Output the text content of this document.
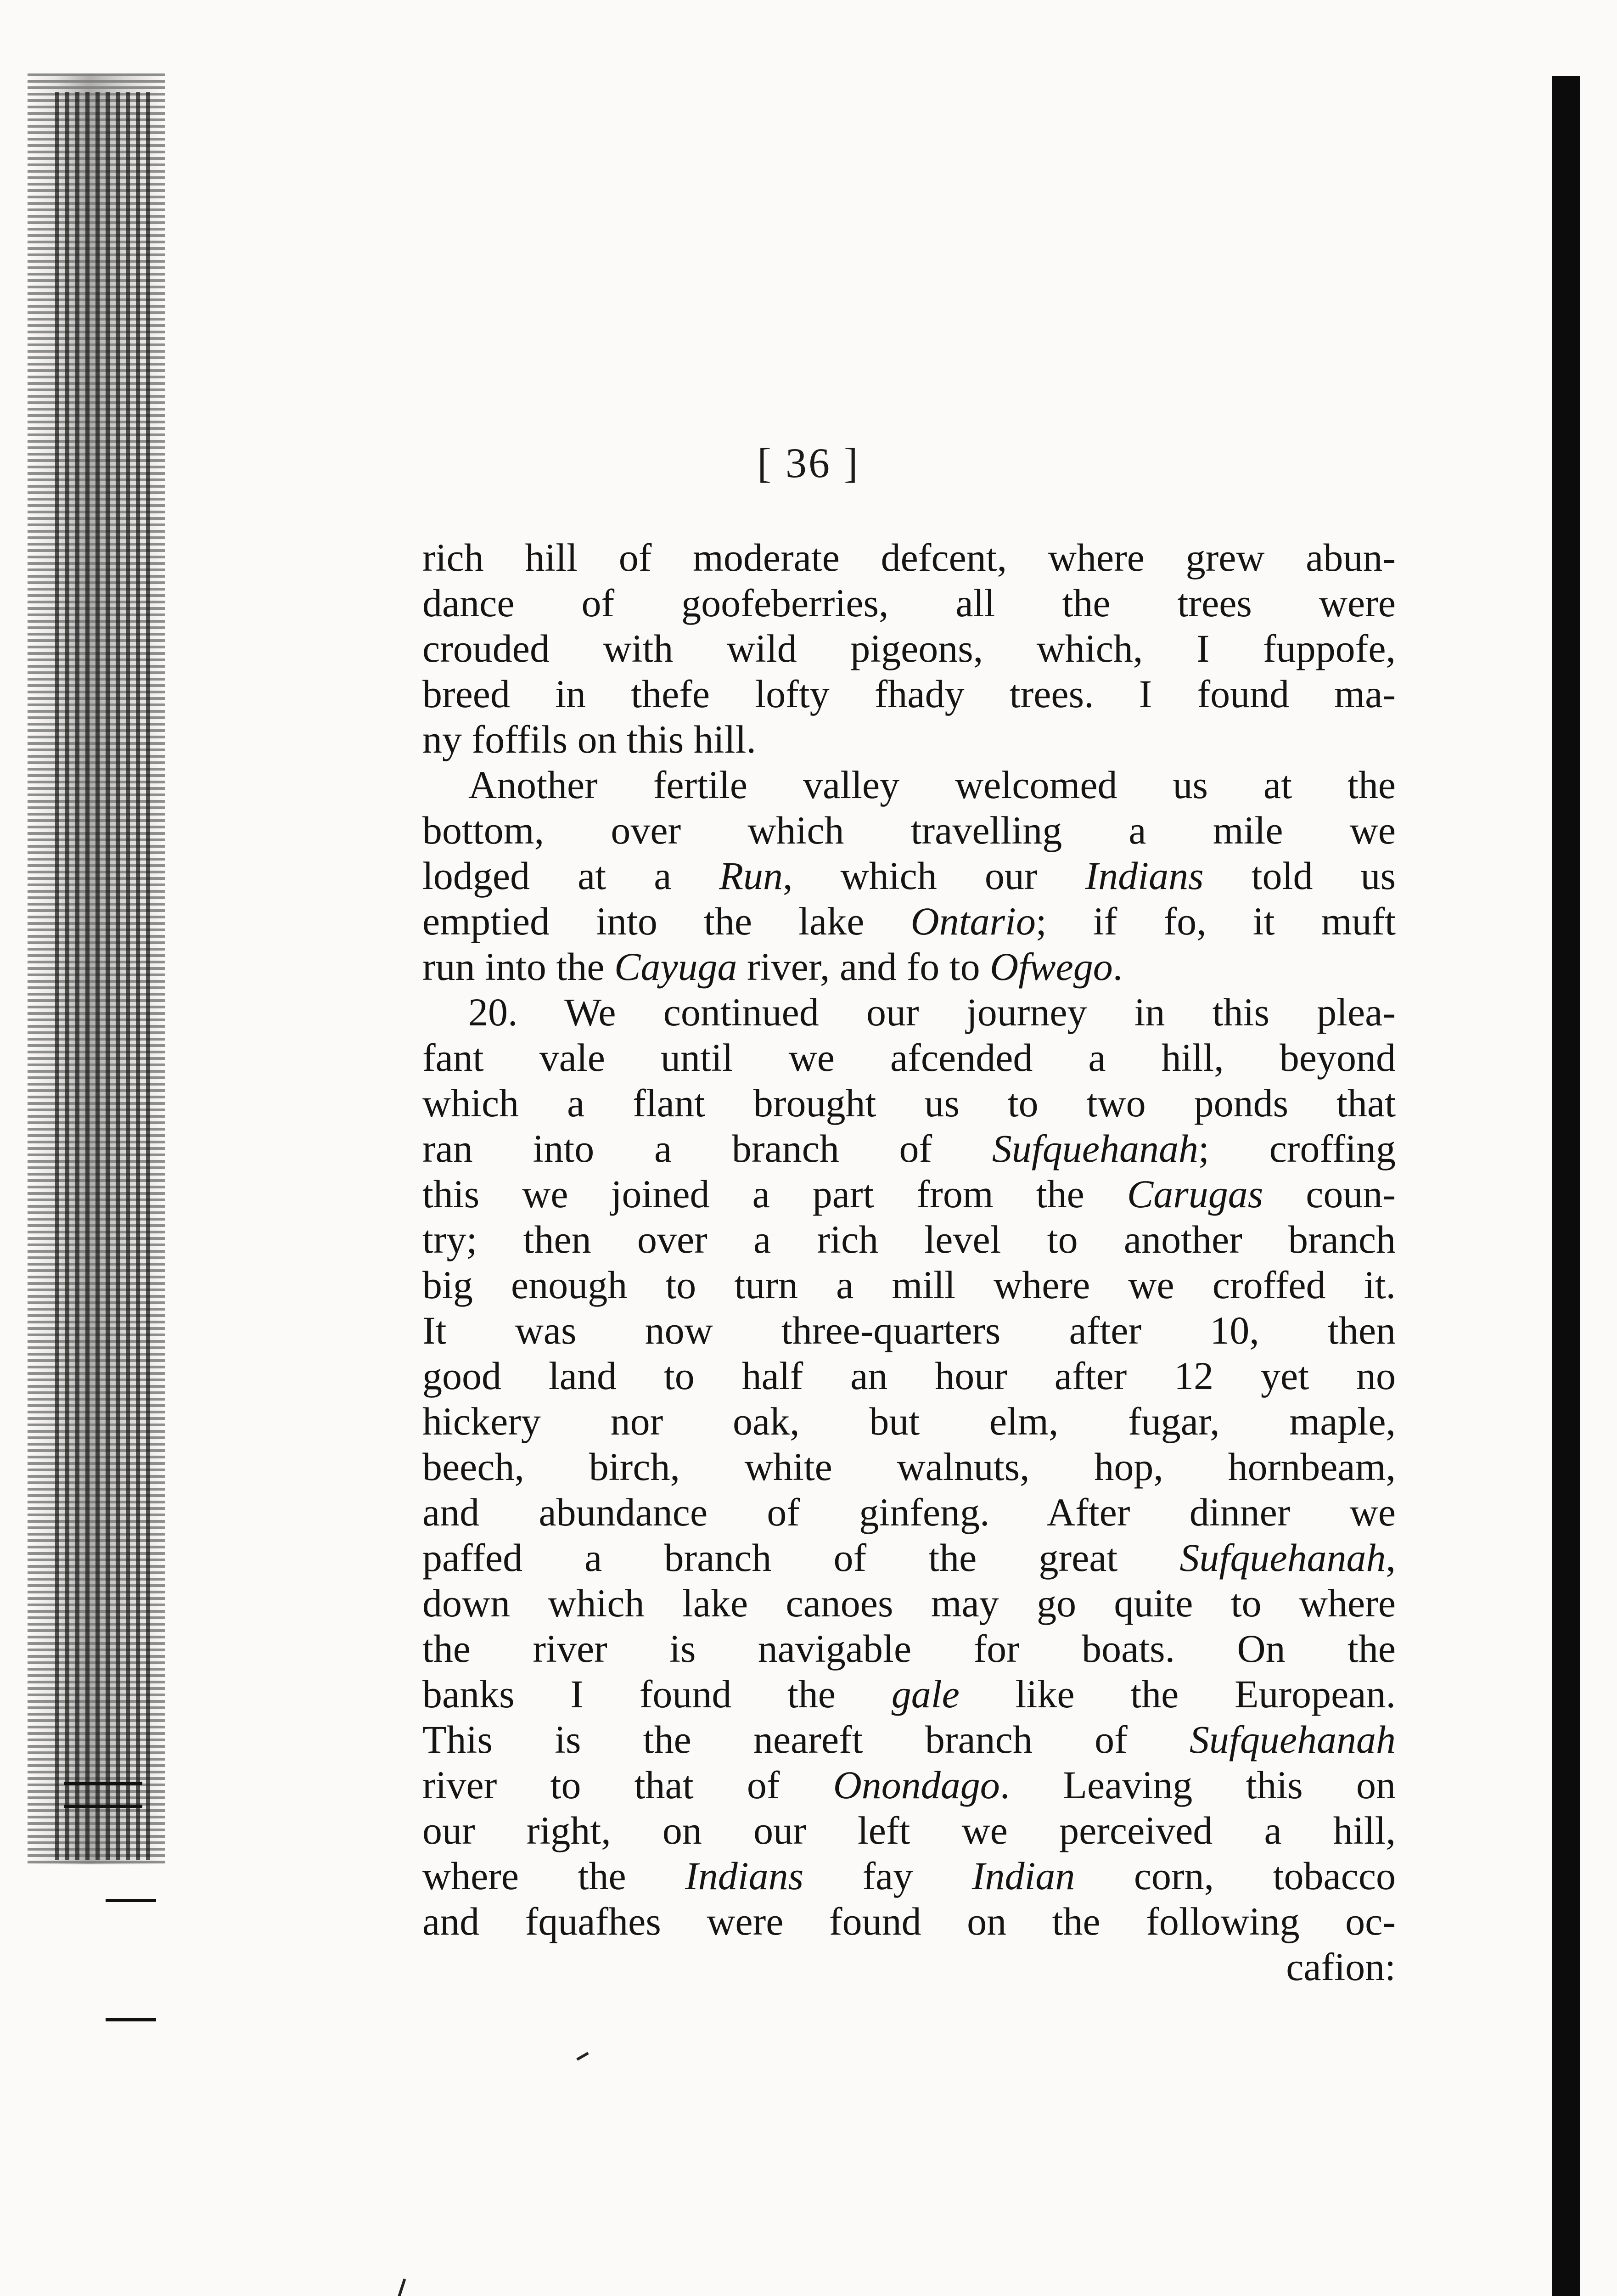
[ 36 ]
rich hill of moderate defcent, where grew abun-
dance of goofeberries, all the trees were
crouded with wild pigeons, which, I fuppofe,
breed in thefe lofty fhady trees. I found ma-
ny foffils on this hill.
Another fertile valley welcomed us at the
bottom, over which travelling a mile we
lodged at a Run, which our Indians told us
emptied into the lake Ontario; if fo, it muft
run into the Cayuga river, and fo to Ofwego.
20. We continued our journey in this plea-
fant vale until we afcended a hill, beyond
which a flant brought us to two ponds that
ran into a branch of Sufquehanah; croffing
this we joined a part from the Carugas coun-
try; then over a rich level to another branch
big enough to turn a mill where we croffed it.
It was now three-quarters after 10, then
good land to half an hour after 12 yet no
hickery nor oak, but elm, fugar, maple,
beech, birch, white walnuts, hop, hornbeam,
and abundance of ginfeng. After dinner we
paffed a branch of the great Sufquehanah,
down which lake canoes may go quite to where
the river is navigable for boats. On the
banks I found the gale like the European.
This is the neareft branch of Sufquehanah
river to that of Onondago. Leaving this on
our right, on our left we perceived a hill,
where the Indians fay Indian corn, tobacco
and fquafhes were found on the following oc-
cafion:
